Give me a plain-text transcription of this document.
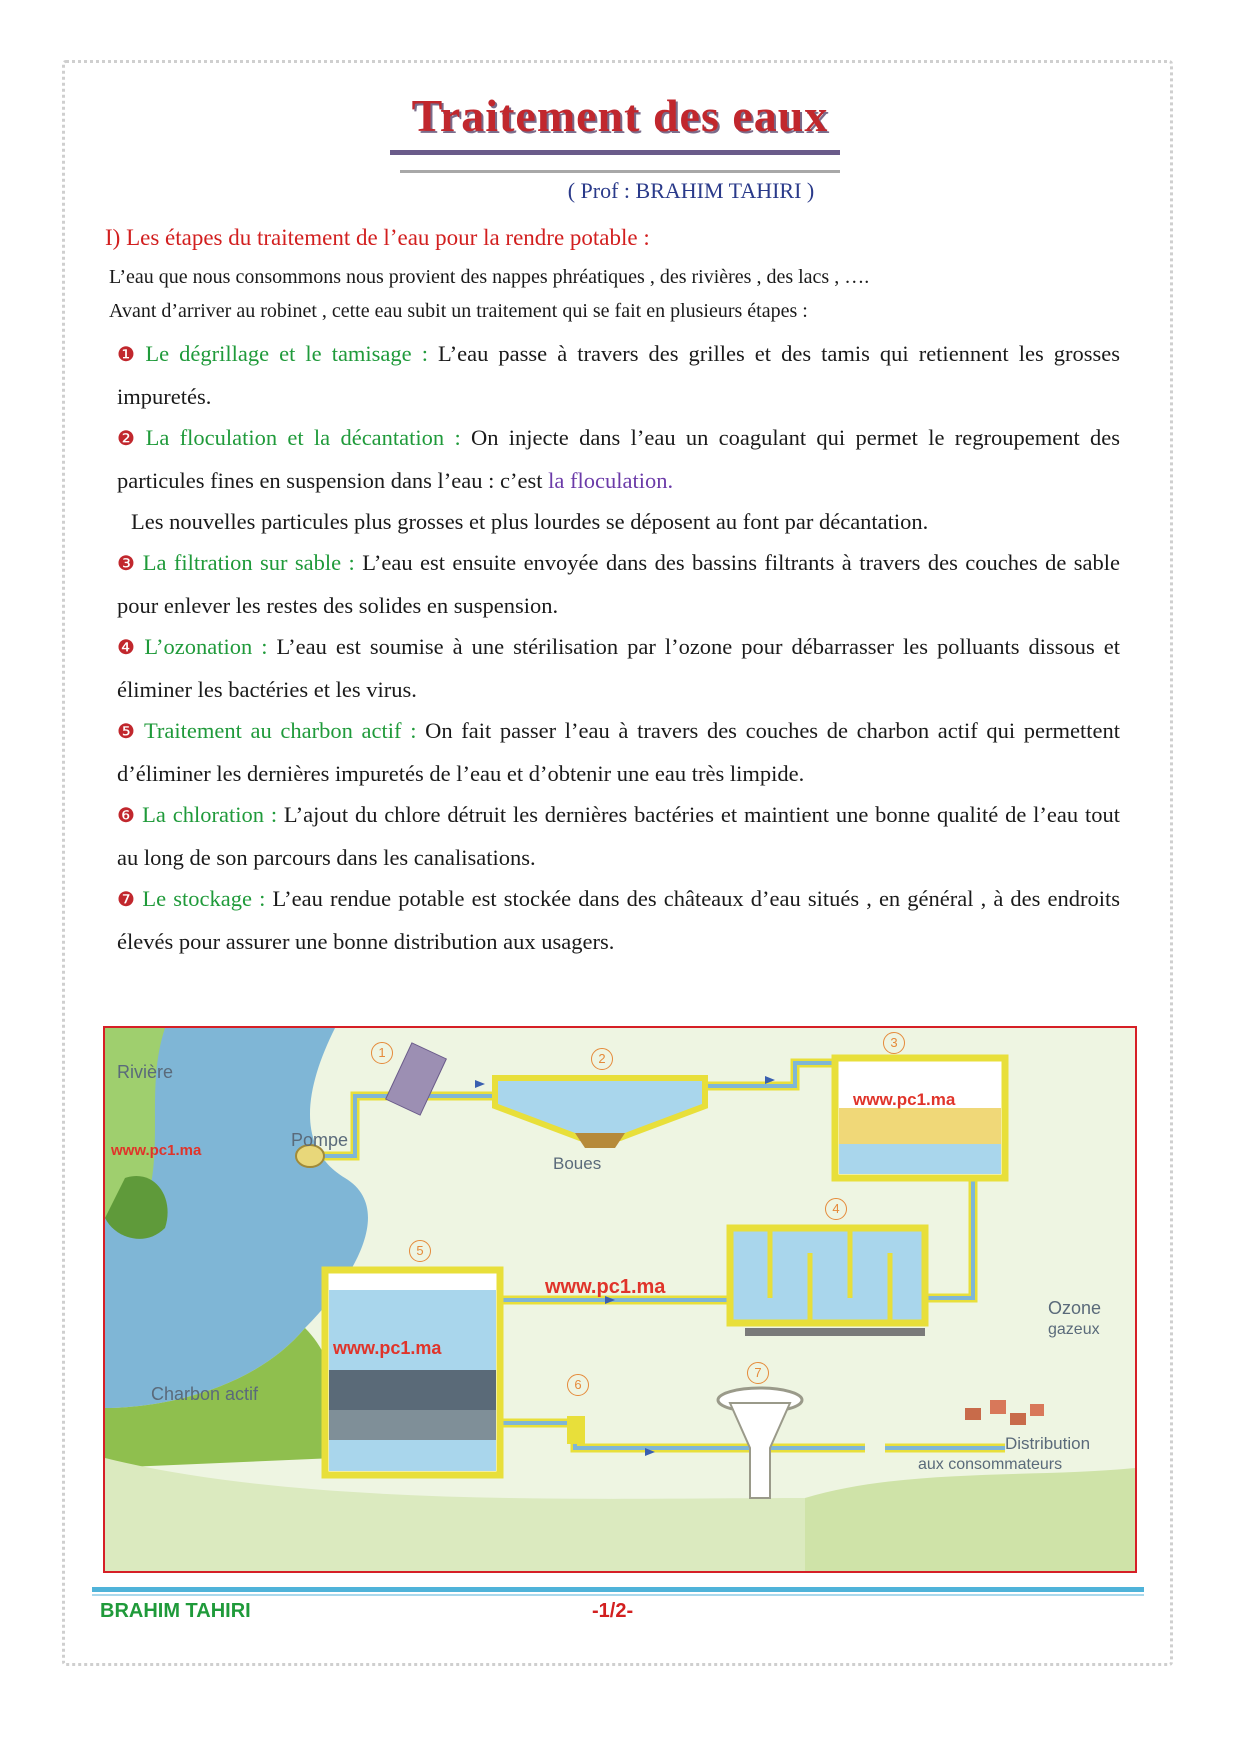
Traitement des eaux
( Prof : BRAHIM TAHIRI )

I) Les étapes du traitement de l’eau pour la rendre potable :

L’eau que nous consommons nous provient des nappes phréatiques , des rivières , des lacs , ….

Avant d’arriver au robinet , cette eau subit un traitement qui se fait en plusieurs étapes :

❶ Le dégrillage et le tamisage : L’eau passe à travers des grilles et des tamis qui retiennent les grosses impuretés.

❷ La floculation et la décantation : On injecte dans l’eau un coagulant qui permet le regroupement des particules fines en suspension dans l’eau : c’est la floculation.

Les nouvelles particules plus grosses et plus lourdes se déposent au font par décantation.

❸ La filtration sur sable : L’eau est ensuite envoyée dans des bassins filtrants à travers des couches de sable pour enlever les restes des solides en suspension.

❹ L’ozonation : L’eau est soumise à une stérilisation par l’ozone pour débarrasser les polluants dissous et éliminer les bactéries et les virus.

❺ Traitement au charbon actif : On fait passer l’eau à travers des couches de charbon actif qui permettent d’éliminer les dernières impuretés de l’eau et d’obtenir une eau très limpide.

❻ La chloration : L’ajout du chlore détruit les dernières bactéries et maintient une bonne qualité de l’eau tout au long de son parcours dans les canalisations.

❼ Le stockage : L’eau rendue potable est stockée dans des châteaux d’eau situés , en général , à des endroits élevés pour assurer une bonne distribution aux usagers.

Rivière
Pompe
Boues
Charbon actif
Ozone
gazeux
Distribution
aux consommateurs
www.pc1.ma
www.pc1.ma
www.pc1.ma
www.pc1.ma
1	2
3
4
5
6
7
BRAHIM TAHIRI	-1/2-
